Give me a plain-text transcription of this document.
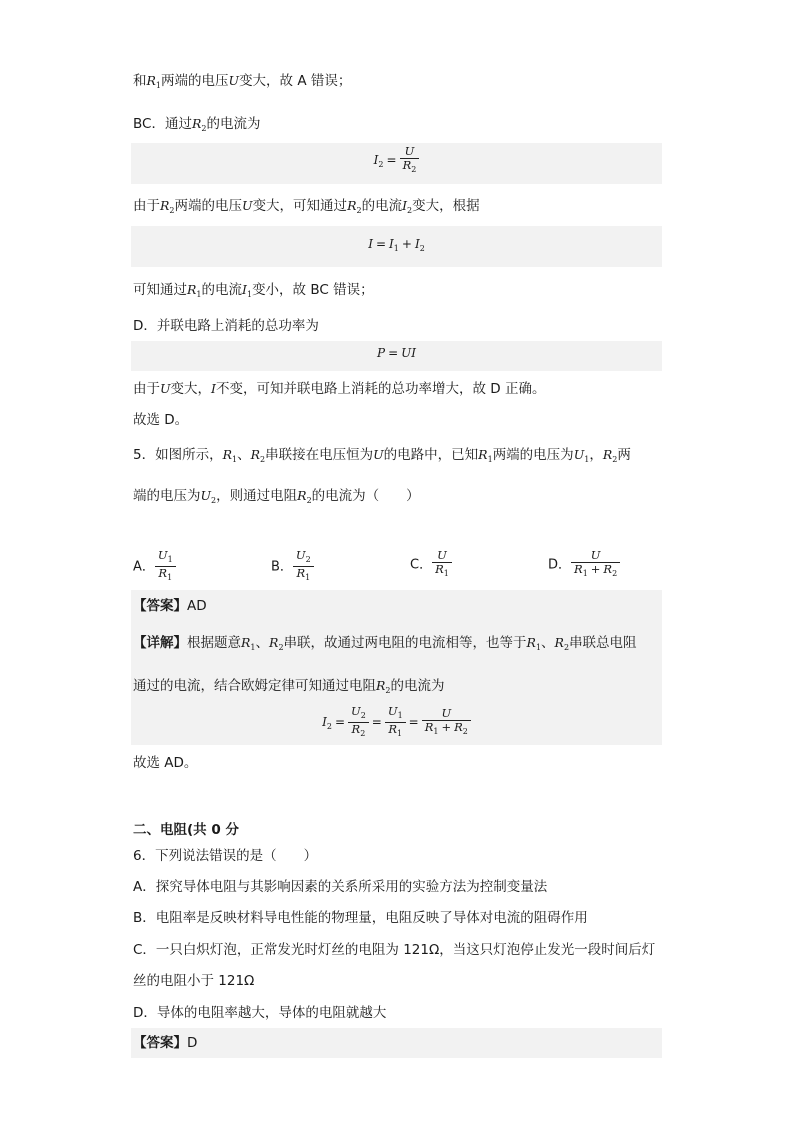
和$R_1$两端的电压U变大，故 A 错误；
BC．通过$R_2$的电流为
$I_2 = \frac{U}{R_2}$
由于$R_2$两端的电压U变大，可知通过$R_2$的电流$I_2$变大，根据
$I = I_1 + I_2$
可知通过$R_1$的电流$I_1$变小，故 BC 错误；
D．并联电路上消耗的总功率为
P = UI
由于U变大，I不变，可知并联电路上消耗的总功率增大，故 D 正确。
故选 D。
5．如图所示，$R_1$、$R_2$串联接在电压恒为U的电路中，已知$R_1$两端的电压为$U_1$，$R_2$两
端的电压为$U_2$，则通过电阻$R_2$的电流为（　　）
A． $\frac{U_1}{R_1}$	B． $\frac{U_2}{R_1}$	C． $\frac{U}{R_1}$	D． $\frac{U}{R_1 + R_2}$
【答案】AD
【详解】根据题意$R_1$、$R_2$串联，故通过两电阻的电流相等，也等于$R_1$、$R_2$串联总电阻
通过的电流，结合欧姆定律可知通过电阻$R_2$的电流为
$I_2 = \frac{U_2}{R_2} = \frac{U_1}{R_1} = \frac{U}{R_1 + R_2}$
故选 AD。
二、电阻(共 0 分
6．下列说法错误的是（　　）
A．探究导体电阻与其影响因素的关系所采用的实验方法为控制变量法
B．电阻率是反映材料导电性能的物理量，电阻反映了导体对电流的阻碍作用
C．一只白炽灯泡，正常发光时灯丝的电阻为 121Ω，当这只灯泡停止发光一段时间后灯
丝的电阻小于 121Ω
D．导体的电阻率越大，导体的电阻就越大
【答案】D
